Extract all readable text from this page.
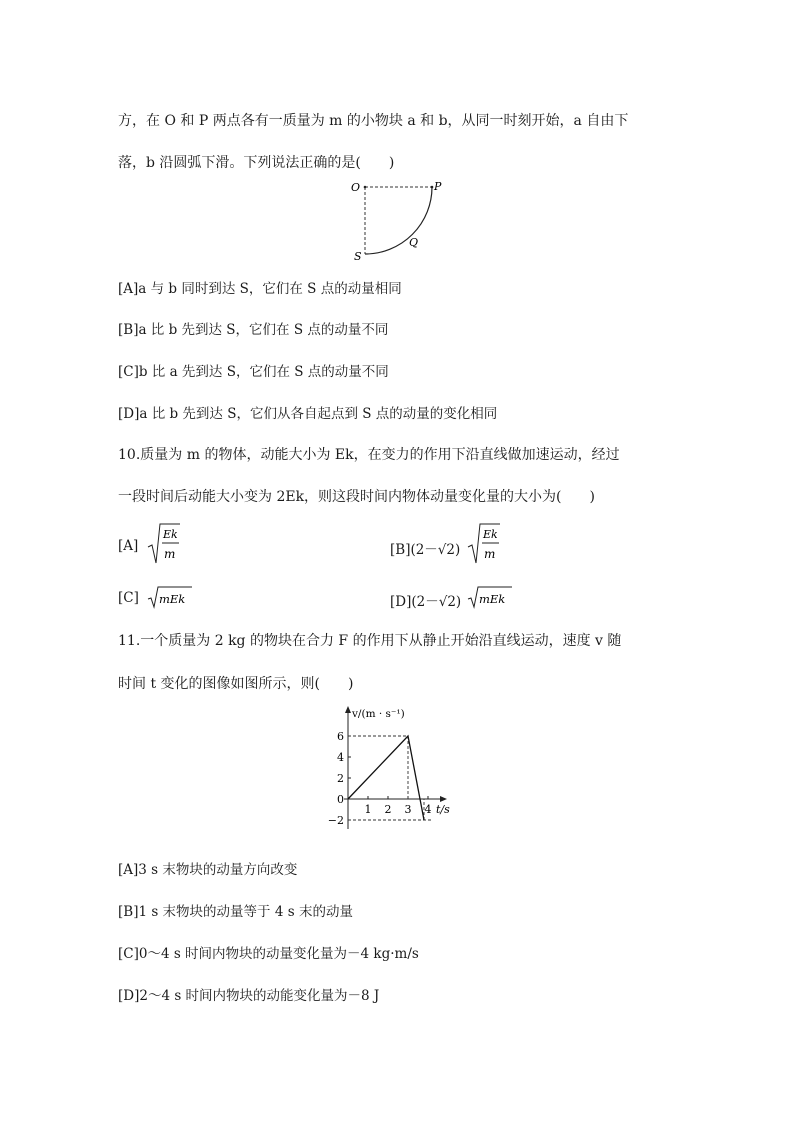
方，在 O 和 P 两点各有一质量为 m 的小物块 a 和 b，从同一时刻开始，a 自由下
落，b 沿圆弧下滑。下列说法正确的是(　　)
O	P
S
Q
[A]a 与 b 同时到达 S，它们在 S 点的动量相同
[B]a 比 b 先到达 S，它们在 S 点的动量不同
[C]b 比 a 先到达 S，它们在 S 点的动量不同
[D]a 比 b 先到达 S，它们从各自起点到 S 点的动量的变化相同
10.质量为 m 的物体，动能大小为 Ek，在变力的作用下沿直线做加速运动，经过
一段时间后动能大小变为 2Ek，则这段时间内物体动量变化量的大小为(　　)
[A]
Ek
m	[B](2－√2)
Ek
m
[C] mEk	[D](2－√2) mEk
11.一个质量为 2 kg 的物块在合力 F 的作用下从静止开始沿直线运动，速度 v 随
时间 t 变化的图像如图所示，则(　　)
6
4
2
0
−2
1 2 3 4
v/(m · s⁻¹)
t/s
[A]3 s 末物块的动量方向改变
[B]1 s 末物块的动量等于 4 s 末的动量
[C]0～4 s 时间内物块的动量变化量为－4 kg·m/s
[D]2～4 s 时间内物块的动能变化量为－8 J
